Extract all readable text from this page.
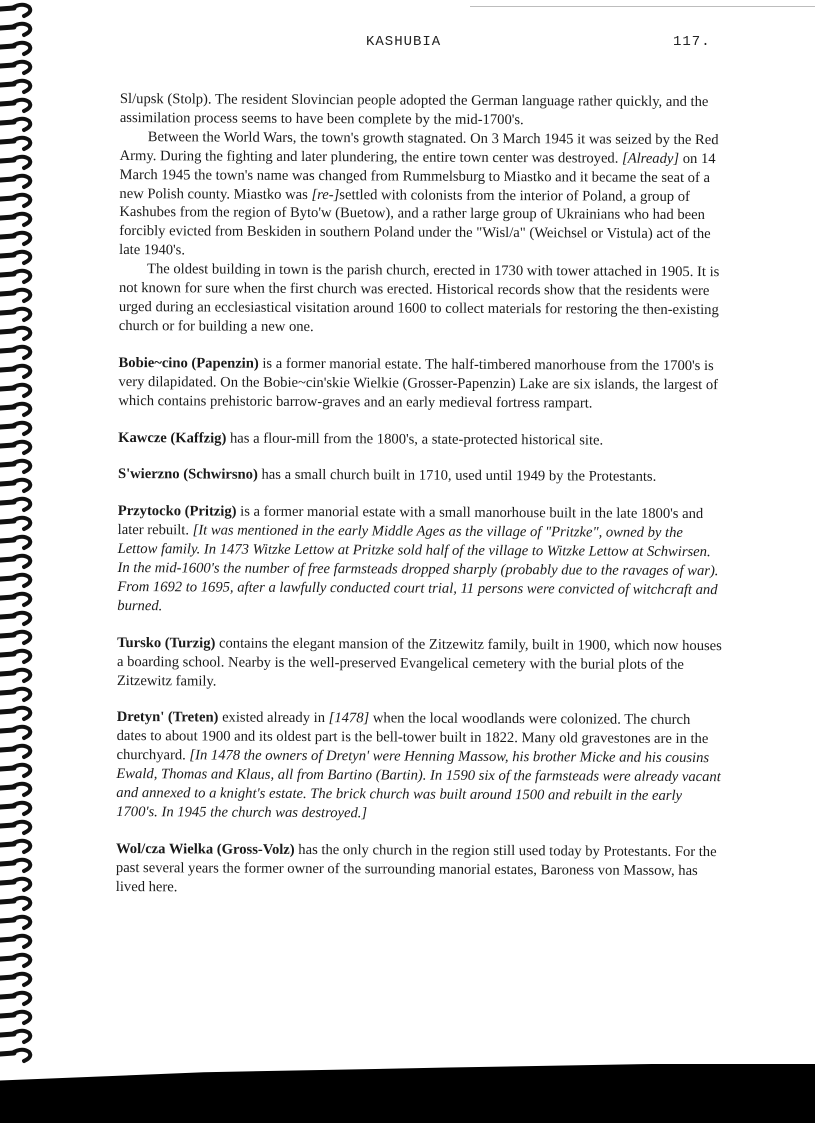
KASHUBIA	117.

Sl/upsk (Stolp). The resident Slovincian people adopted the German language rather quickly, and the assimilation process seems to have been complete by the mid-1700's.

Between the World Wars, the town's growth stagnated. On 3 March 1945 it was seized by the Red Army. During the fighting and later plundering, the entire town center was destroyed. [Already] on 14 March 1945 the town's name was changed from Rummelsburg to Miastko and it became the seat of a new Polish county. Miastko was [re-]settled with colonists from the interior of Poland, a group of Kashubes from the region of Byto'w (Buetow), and a rather large group of Ukrainians who had been forcibly evicted from Beskiden in southern Poland under the "Wisl/a" (Weichsel or Vistula) act of the late 1940's.

The oldest building in town is the parish church, erected in 1730 with tower attached in 1905. It is not known for sure when the first church was erected. Historical records show that the residents were urged during an ecclesiastical visitation around 1600 to collect materials for restoring the then-existing church or for building a new one.

Bobie~cino (Papenzin) is a former manorial estate. The half-timbered manorhouse from the 1700's is very dilapidated. On the Bobie~cin'skie Wielkie (Grosser-Papenzin) Lake are six islands, the largest of which contains prehistoric barrow-graves and an early medieval fortress rampart.

Kawcze (Kaffzig) has a flour-mill from the 1800's, a state-protected historical site.

S'wierzno (Schwirsno) has a small church built in 1710, used until 1949 by the Protestants.

Przytocko (Pritzig) is a former manorial estate with a small manorhouse built in the late 1800's and later rebuilt. [It was mentioned in the early Middle Ages as the village of "Pritzke", owned by the Lettow family. In 1473 Witzke Lettow at Pritzke sold half of the village to Witzke Lettow at Schwirsen. In the mid-1600's the number of free farmsteads dropped sharply (probably due to the ravages of war). From 1692 to 1695, after a lawfully conducted court trial, 11 persons were convicted of witchcraft and burned.

Tursko (Turzig) contains the elegant mansion of the Zitzewitz family, built in 1900, which now houses a boarding school. Nearby is the well-preserved Evangelical cemetery with the burial plots of the Zitzewitz family.

Dretyn' (Treten) existed already in [1478] when the local woodlands were colonized. The church dates to about 1900 and its oldest part is the bell-tower built in 1822. Many old gravestones are in the churchyard. [In 1478 the owners of Dretyn' were Henning Massow, his brother Micke and his cousins Ewald, Thomas and Klaus, all from Bartino (Bartin). In 1590 six of the farmsteads were already vacant and annexed to a knight's estate. The brick church was built around 1500 and rebuilt in the early 1700's. In 1945 the church was destroyed.]

Wol/cza Wielka (Gross-Volz) has the only church in the region still used today by Protestants. For the past several years the former owner of the surrounding manorial estates, Baroness von Massow, has lived here.
